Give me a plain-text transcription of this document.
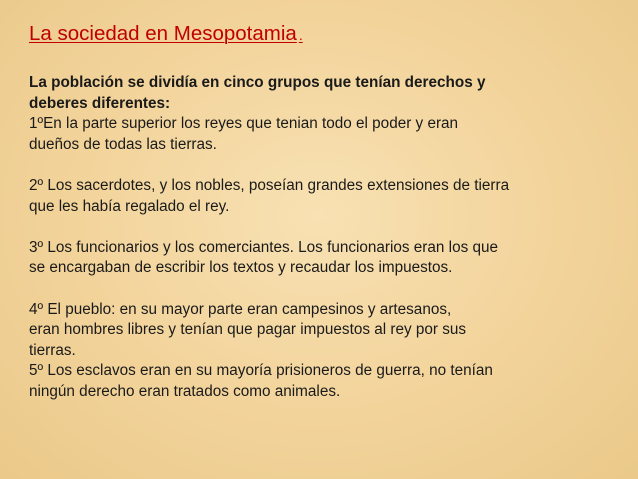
La sociedad en Mesopotamia .
La población se dividía en cinco grupos que tenían derechos y
deberes diferentes:
1ºEn la parte superior los reyes que tenian todo el poder y eran
dueños de todas las tierras.
2º Los sacerdotes, y los nobles, poseían grandes extensiones de tierra
que les había regalado el rey.
3º Los funcionarios y los comerciantes. Los funcionarios eran los que
se encargaban de escribir los textos y recaudar los impuestos.
4º El pueblo: en su mayor parte eran campesinos y artesanos,
eran hombres libres y tenían que pagar impuestos al rey por sus
tierras.
5º Los esclavos eran en su mayoría prisioneros de guerra, no tenían
ningún derecho eran tratados como animales.
